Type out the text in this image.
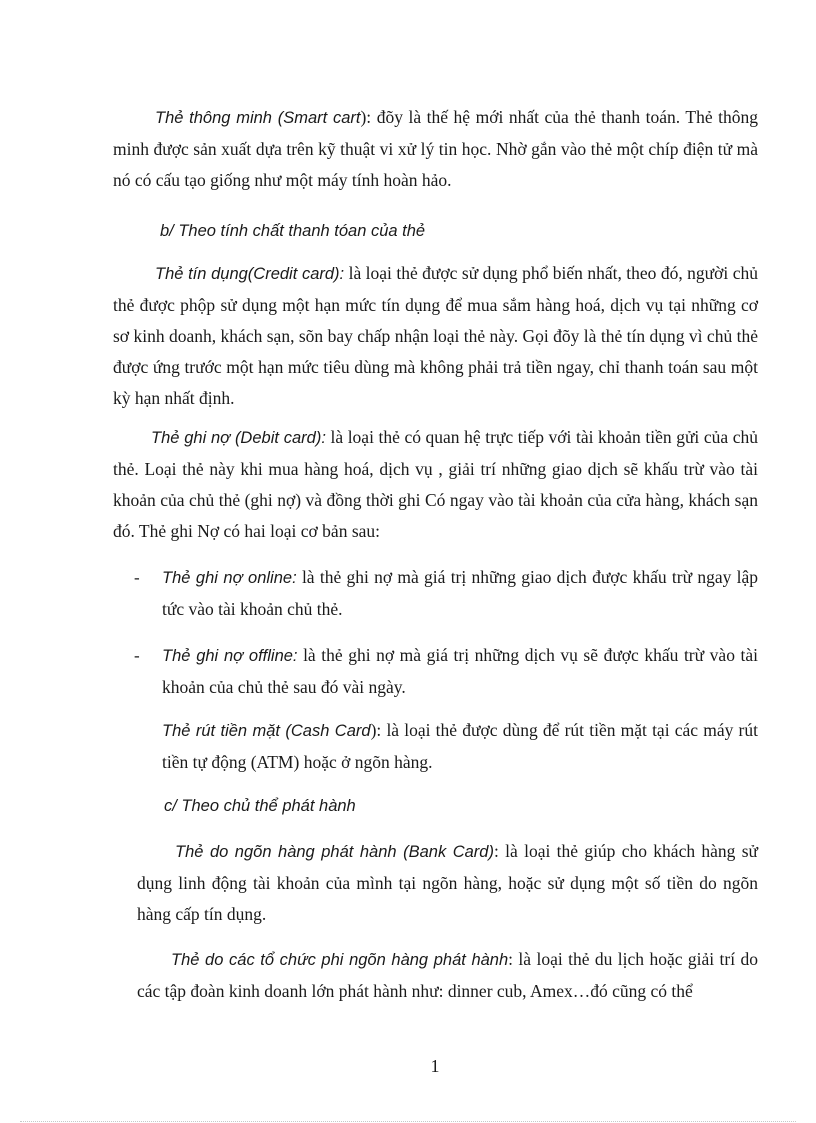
Thẻ thông minh (Smart cart): đõy là thế hệ mới nhất của thẻ thanh toán. Thẻ thông minh được sản xuất dựa trên kỹ thuật vi xử lý tin học. Nhờ gắn vào thẻ một chíp điện tử mà nó có cấu tạo giống như một máy tính hoàn hảo.

b/ Theo tính chất thanh tóan của thẻ

Thẻ tín dụng(Credit card): là loại thẻ được sử dụng phổ biến nhất, theo đó, người chủ thẻ được phộp sử dụng một hạn mức tín dụng để mua sắm hàng hoá, dịch vụ tại những cơ sơ kinh doanh, khách sạn, sõn bay chấp nhận loại thẻ này. Gọi đõy là thẻ tín dụng vì chủ thẻ được ứng trước một hạn mức tiêu dùng mà không phải trả tiền ngay, chỉ thanh toán sau một kỳ hạn nhất định.

Thẻ ghi nợ (Debit card): là loại thẻ có quan hệ trực tiếp với tài khoản tiền gửi của chủ thẻ. Loại thẻ này khi mua hàng hoá, dịch vụ , giải trí những giao dịch sẽ khấu trừ vào tài khoản của chủ thẻ (ghi nợ) và đồng thời ghi Có ngay vào tài khoản của cửa hàng, khách sạn đó. Thẻ ghi Nợ có hai loại cơ bản sau:

- Thẻ ghi nợ online: là thẻ ghi nợ mà giá trị những giao dịch được khấu trừ ngay lập tức vào tài khoản chủ thẻ.

- Thẻ ghi nợ offline: là thẻ ghi nợ mà giá trị những dịch vụ sẽ được khấu trừ vào tài khoản của chủ thẻ sau đó vài ngày.

Thẻ rút tiền mặt (Cash Card): là loại thẻ được dùng để rút tiền mặt tại các máy rút tiền tự động (ATM) hoặc ở ngõn hàng.

c/ Theo chủ thể phát hành

Thẻ do ngõn hàng phát hành (Bank Card): là loại thẻ giúp cho khách hàng sử dụng linh động tài khoản của mình tại ngõn hàng, hoặc sử dụng một số tiền do ngõn hàng cấp tín dụng.

Thẻ do các tổ chức phi ngõn hàng phát hành: là loại thẻ du lịch hoặc giải trí do các tập đoàn kinh doanh lớn phát hành như: dinner cub, Amex…đó cũng có thể

1
